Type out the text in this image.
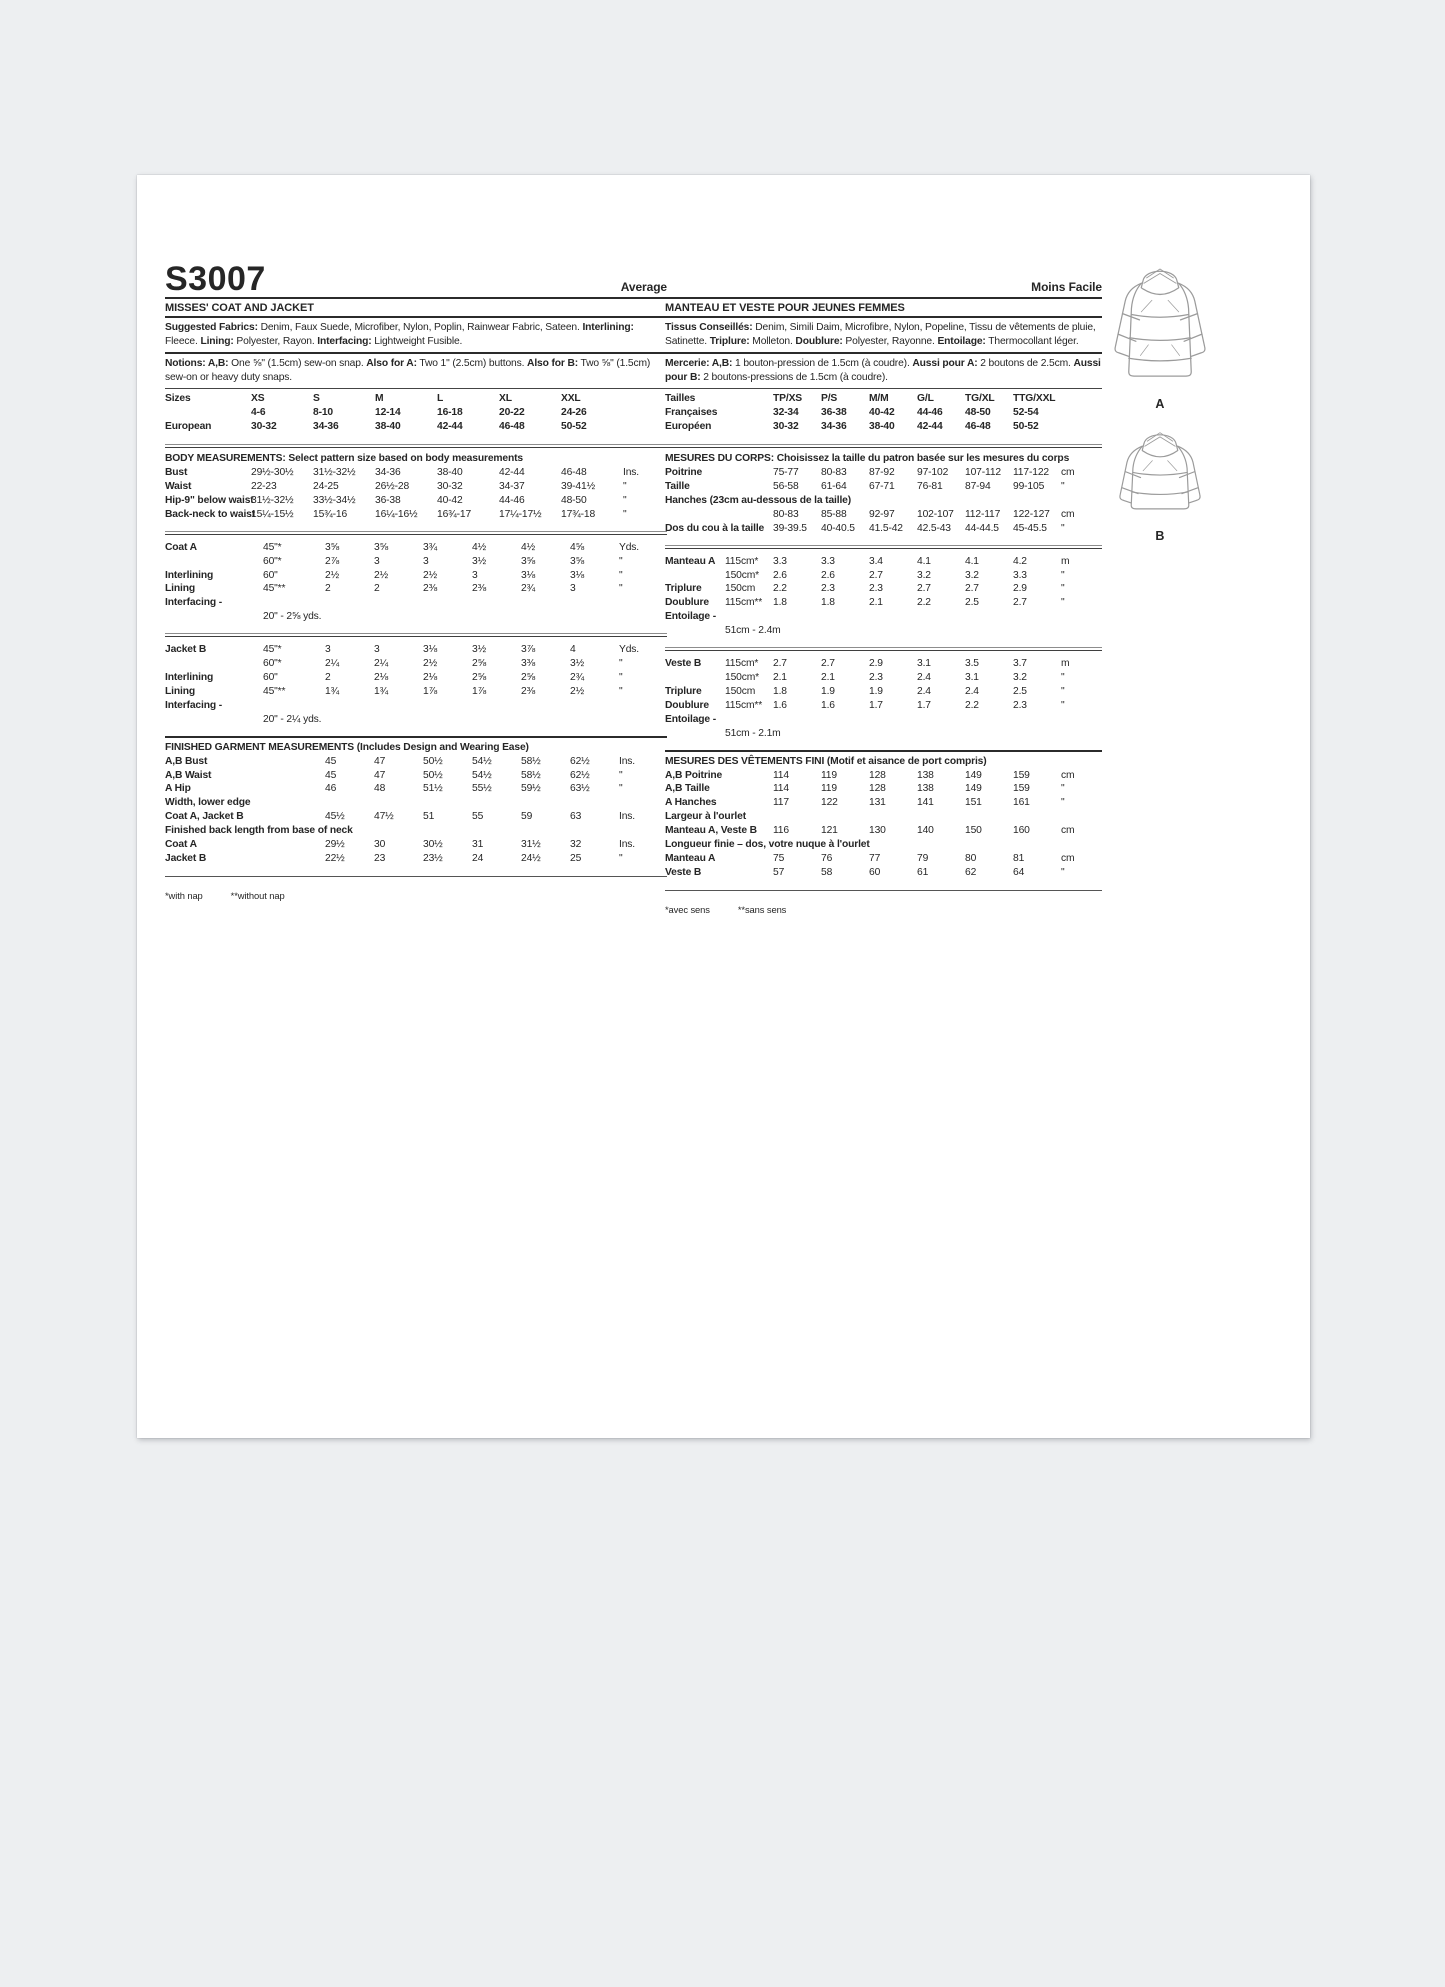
S3007	Average
MISSES' COAT AND JACKET
Suggested Fabrics: Denim, Faux Suede, Microfiber, Nylon, Poplin, Rainwear Fabric, Sateen. Interlining: Fleece. Lining: Polyester, Rayon. Interfacing: Lightweight Fusible.
Notions: A,B: One ⅝" (1.5cm) sew-on snap. Also for A: Two 1" (2.5cm) buttons. Also for B: Two ⅝" (1.5cm) sew-on or heavy duty snaps.
Sizes	XS	S	M	L	XL	XXL
4-6	8-10	12-14	16-18	20-22	24-26
European	30-32	34-36	38-40	42-44	46-48	50-52
BODY MEASUREMENTS: Select pattern size based on body measurements
Bust	29½-30½	31½-32½	34-36	38-40	42-44	46-48	Ins.
Waist	22-23	24-25	26½-28	30-32	34-37	39-41½	"
Hip-9" below waist
31½-32½	33½-34½	36-38	40-42	44-46	48-50	"
Back-neck to waist
15¼-15½	15¾-16	16¼-16½	16¾-17	17¼-17½	17¾-18	"
Coat A	45"*	3⅝	3⅝	3¾	4½	4½	4⅝	Yds.
60"*	2⅞	3	3	3½	3⅝	3⅝	"
Interlining	60"	2½	2½	2½	3	3⅛	3⅛	"
Lining	45"**	2	2	2⅜	2⅜	2¾	3	"
Interfacing -
20" - 2⅝ yds.
Jacket B	45"*	3	3	3⅛	3½	3⅞	4	Yds.
60"*	2¼	2¼	2½	2⅝	3⅜	3½	"
Interlining	60"	2	2⅛	2⅛	2⅝	2⅝	2¾	"
Lining	45"**	1¾	1¾	1⅞	1⅞	2⅜	2½	"
Interfacing -
20" - 2¼ yds.
FINISHED GARMENT MEASUREMENTS (Includes Design and Wearing Ease)
A,B Bust	45	47	50½	54½	58½	62½	Ins.
A,B Waist	45	47	50½	54½	58½	62½	"
A Hip	46	48	51½	55½	59½	63½	"
Width, lower edge
Coat A, Jacket B	45½	47½	51	55	59	63	Ins.
Finished back length from base of neck
Coat A	29½	30	30½	31	31½	32	Ins.
Jacket B	22½	23	23½	24	24½	25	"
*with nap	**without nap
Moins Facile
MANTEAU ET VESTE POUR JEUNES FEMMES
Tissus Conseillés: Denim, Simili Daim, Microfibre, Nylon, Popeline, Tissu de vêtements de pluie, Satinette. Triplure: Molleton. Doublure: Polyester, Rayonne. Entoilage: Thermocollant léger.
Mercerie: A,B: 1 bouton-pression de 1.5cm (à coudre). Aussi pour A: 2 boutons de 2.5cm. Aussi pour B: 2 boutons-pressions de 1.5cm (à coudre).
Tailles	TP/XS	P/S	M/M	G/L	TG/XL	TTG/XXL
Françaises	32-34	36-38	40-42	44-46	48-50	52-54
Européen	30-32	34-36	38-40	42-44	46-48	50-52
MESURES DU CORPS: Choisissez la taille du patron basée sur les mesures du corps
Poitrine	75-77	80-83	87-92	97-102	107-112	117-122	cm
Taille	56-58	61-64	67-71	76-81	87-94	99-105	"
Hanches (23cm au-dessous de la taille)
80-83	85-88	92-97	102-107	112-117	122-127	cm
Dos du cou à la taille 39-39.5	40-40.5	41.5-42	42.5-43	44-44.5	45-45.5	"
Manteau A 115cm*	3.3	3.3	3.4	4.1	4.1	4.2	m
150cm*	2.6	2.6	2.7	3.2	3.2	3.3	"
Triplure	150cm	2.2	2.3	2.3	2.7	2.7	2.9	"
Doublure	115cm**	1.8	1.8	2.1	2.2	2.5	2.7	"
Entoilage -
51cm - 2.4m
Veste B	115cm*	2.7	2.7	2.9	3.1	3.5	3.7	m
150cm*	2.1	2.1	2.3	2.4	3.1	3.2	"
Triplure	150cm	1.8	1.9	1.9	2.4	2.4	2.5	"
Doublure	115cm**	1.6	1.6	1.7	1.7	2.2	2.3	"
Entoilage -
51cm - 2.1m
MESURES DES VÊTEMENTS FINI (Motif et aisance de port compris)
A,B Poitrine	114	119	128	138	149	159	cm
A,B Taille	114	119	128	138	149	159	"
A Hanches	117	122	131	141	151	161	"
Largeur à l'ourlet
Manteau A, Veste B	116	121	130	140	150	160	cm
Longueur finie – dos, votre nuque à l'ourlet
Manteau A	75	76	77	79	80	81	cm
Veste B	57	58	60	61	62	64	"
*avec sens	**sans sens
A
B
